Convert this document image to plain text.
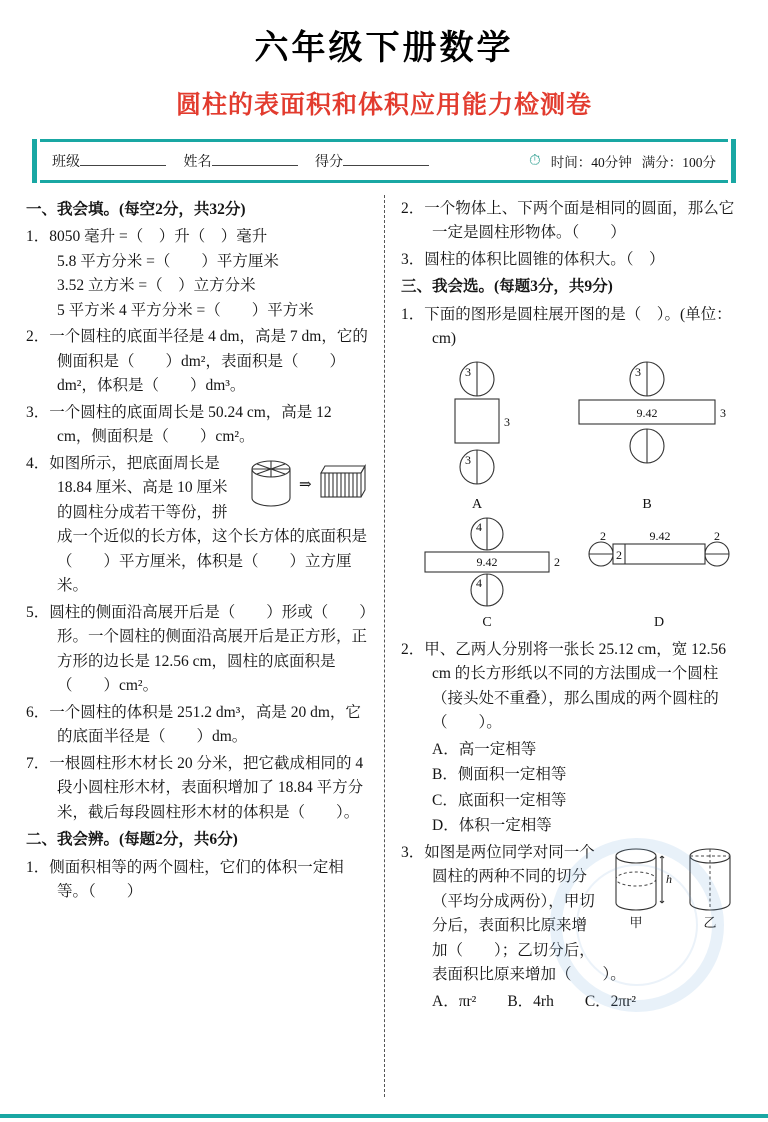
六年级下册数学
圆柱的表面积和体积应用能力检测卷
班级	姓名	得分	⏱ 时间：40分钟 满分：100分
一、我会填。(每空2分，共32分)
1．8050 毫升 =（　）升（　）毫升
5.8 平方分米 =（　　）平方厘米
3.52 立方米 =（　）立方分米
5 平方米 4 平方分米 =（　　）平方米
2．一个圆柱的底面半径是 4 dm，高是 7 dm，它的侧面积是（　　）dm²，表面积是（　　）dm²，体积是（　　）dm³。
3．一个圆柱的底面周长是 50.24 cm，高是 12 cm，侧面积是（　　）cm²。
⇒
4．如图所示，把底面周长是 18.84 厘米、高是 10 厘米的圆柱分成若干等份，拼成一个近似的长方体，这个长方体的底面积是（　　）平方厘米，体积是（　　）立方厘米。
5．圆柱的侧面沿高展开后是（　　）形或（　　）形。一个圆柱的侧面沿高展开后是正方形，正方形的边长是 12.56 cm，圆柱的底面积是（　　）cm²。
6．一个圆柱的体积是 251.2 dm³，高是 20 dm，它的底面半径是（　　）dm。
7．一根圆柱形木材长 20 分米，把它截成相同的 4 段小圆柱形木材，表面积增加了 18.84 平方分米，截后每段圆柱形木材的体积是（　　）。
二、我会辨。(每题2分，共6分)
1．侧面积相等的两个圆柱，它们的体积一定相等。（　　）
2．一个物体上、下两个面是相同的圆面，那么它一定是圆柱形物体。（　　）
3．圆柱的体积比圆锥的体积大。（　）
三、我会选。(每题3分，共9分)
1．下面的图形是圆柱展开图的是（　）。(单位：cm)
3
3
3
A
3
9.42	3
B
4
9.42	2
4
C
2	9.42	2
2
D
2．甲、乙两人分别将一张长 25.12 cm，宽 12.56 cm 的长方形纸以不同的方法围成一个圆柱（接头处不重叠），那么围成的两个圆柱的（　　）。
A．高一定相等
B．侧面积一定相等
C．底面积一定相等
D．体积一定相等
h
甲	乙
3．如图是两位同学对同一个圆柱的两种不同的切分（平均分成两份），甲切分后，表面积比原来增加（　　）；乙切分后，表面积比原来增加（　　）。
A．πr²　　B．4rh　　C．2πr²
